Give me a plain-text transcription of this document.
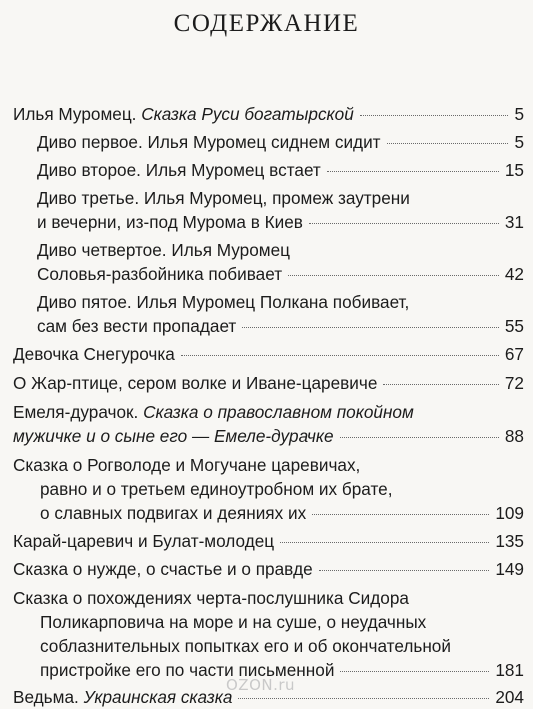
СОДЕРЖАНИЕ
Илья Муромец. Сказка Руси богатырской	5
Диво первое. Илья Муромец сиднем сидит	5
Диво второе. Илья Муромец встает	15
Диво третье. Илья Муромец, промеж заутрени
и вечерни, из-под Мурома в Киев	31
Диво четвертое. Илья Муромец
Соловья-разбойника побивает	42
Диво пятое. Илья Муромец Полкана побивает,
сам без вести пропадает	55
Девочка Снегурочка	67
О Жар-птице, сером волке и Иване-царевиче	72
Емеля-дурачок. Сказка о православном покойном
мужичке и о сыне его — Емеле-дурачке	88
Сказка о Рогволоде и Могучане царевичах,
равно и о третьем единоутробном их брате,
о славных подвигах и деяниях их	109
Карай-царевич и Булат-молодец	135
Сказка о нужде, о счастье и о правде	149
Сказка о похождениях черта-послушника Сидора
Поликарповича на море и на суше, о неудачных
соблазнительных попытках его и об окончательной
пристройке его по части письменной	181
Ведьма. Украинская сказка	204
OZON.ru
